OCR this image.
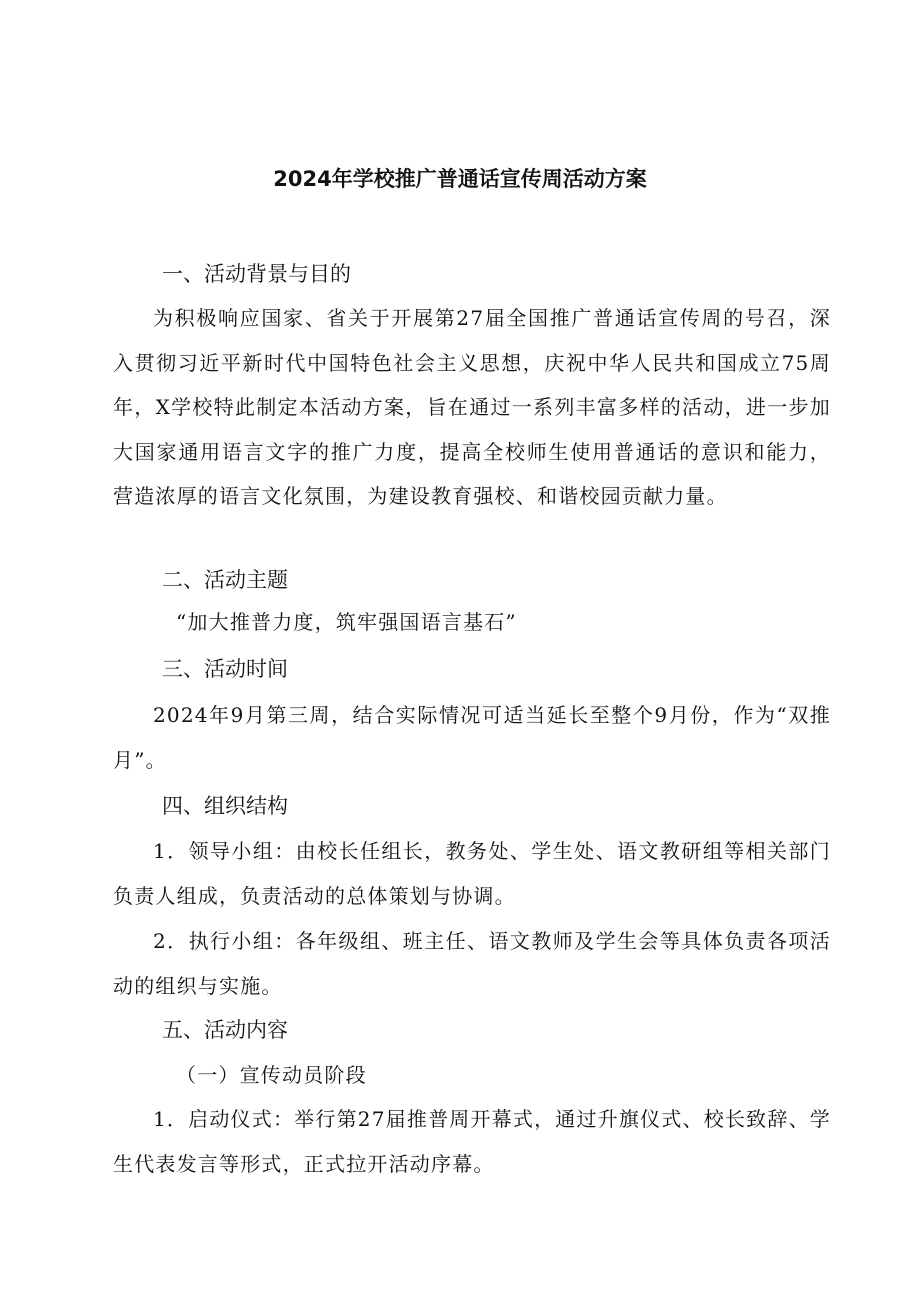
2024年学校推广普通话宣传周活动方案
一、活动背景与目的

为积极响应国家、省关于开展第27届全国推广普通话宣传周的号召，深入贯彻习近平新时代中国特色社会主义思想，庆祝中华人民共和国成立75周年，X学校特此制定本活动方案，旨在通过一系列丰富多样的活动，进一步加大国家通用语言文字的推广力度，提高全校师生使用普通话的意识和能力，营造浓厚的语言文化氛围，为建设教育强校、和谐校园贡献力量。

二、活动主题
“加大推普力度，筑牢强国语言基石”
三、活动时间

2024年9月第三周，结合实际情况可适当延长至整个9月份，作为“双推月”。

四、组织结构

1．领导小组：由校长任组长，教务处、学生处、语文教研组等相关部门负责人组成，负责活动的总体策划与协调。

2．执行小组：各年级组、班主任、语文教师及学生会等具体负责各项活动的组织与实施。

五、活动内容
（一）宣传动员阶段

1．启动仪式：举行第27届推普周开幕式，通过升旗仪式、校长致辞、学生代表发言等形式，正式拉开活动序幕。
